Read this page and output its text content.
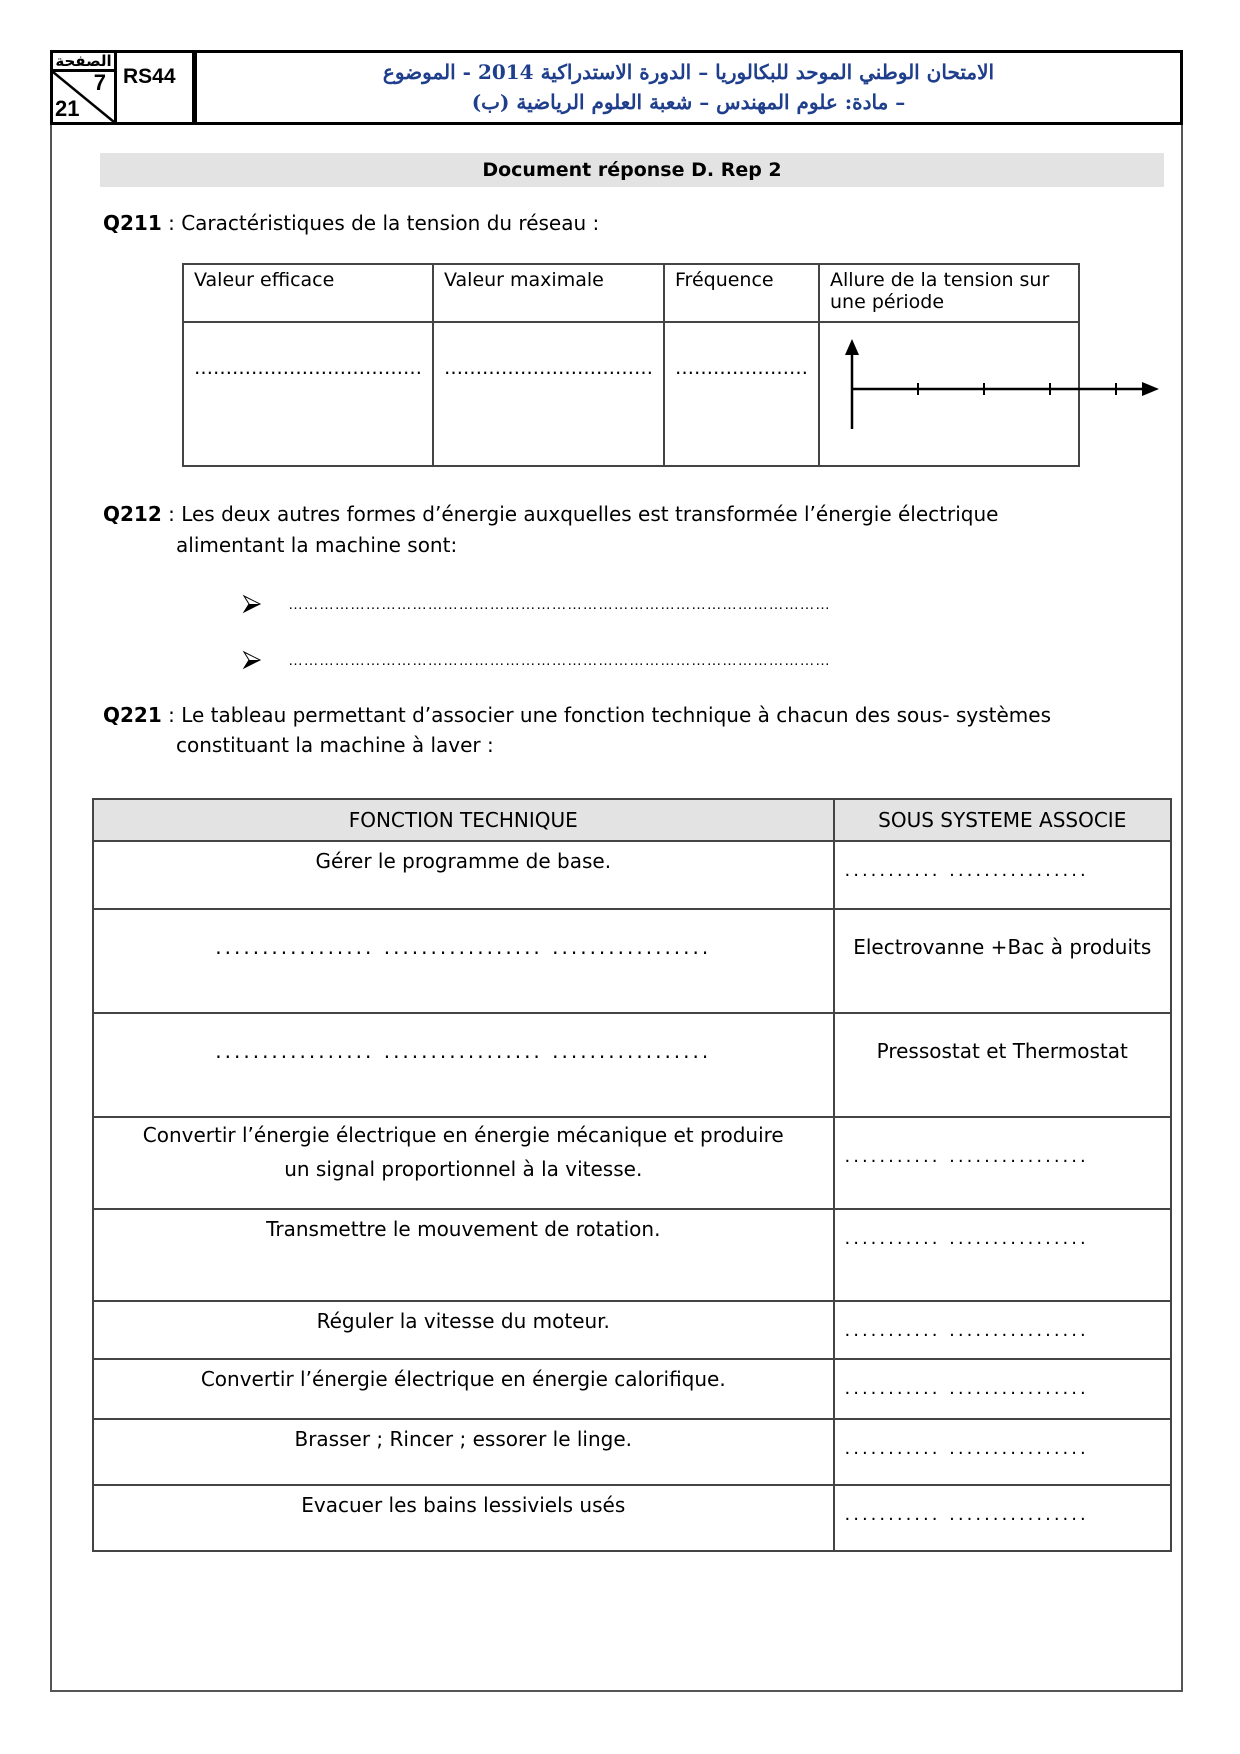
الصفحة
7
21
RS44	الامتحان الوطني الموحد للبكالوريا – الدورة الاستدراكية 2014 - الموضوع
– مادة: علوم المهندس – شعبة العلوم الرياضية (ب)
Document réponse D. Rep 2
Q211 : Caractéristiques de la tension du réseau :
Valeur efficace	Valeur maximale	Fréquence	Allure de la tension sur une période

………………………………	……………………………	…………………

Q212 : Les deux autres formes d’énergie auxquelles est transformée l’énergie électrique
alimentant la machine sont:
……………………………………………………………………………………………
……………………………………………………………………………………………
Q221 : Le tableau permettant d’associer une fonction technique à chacun des sous- systèmes
constituant la machine à laver :
FONCTION TECHNIQUE	SOUS SYSTEME ASSOCIE
Gérer le programme de base.	........... ................
................. ................. .................	Electrovanne +Bac à produits
................. ................. .................	Pressostat et Thermostat
Convertir l’énergie électrique en énergie mécanique et produire un signal proportionnel à la vitesse.	........... ................
Transmettre le mouvement de rotation.	........... ................
Réguler la vitesse du moteur.	........... ................
Convertir l’énergie électrique en énergie calorifique.	........... ................
Brasser ; Rincer ; essorer le linge.	........... ................
Evacuer les bains lessiviels usés	........... ................
